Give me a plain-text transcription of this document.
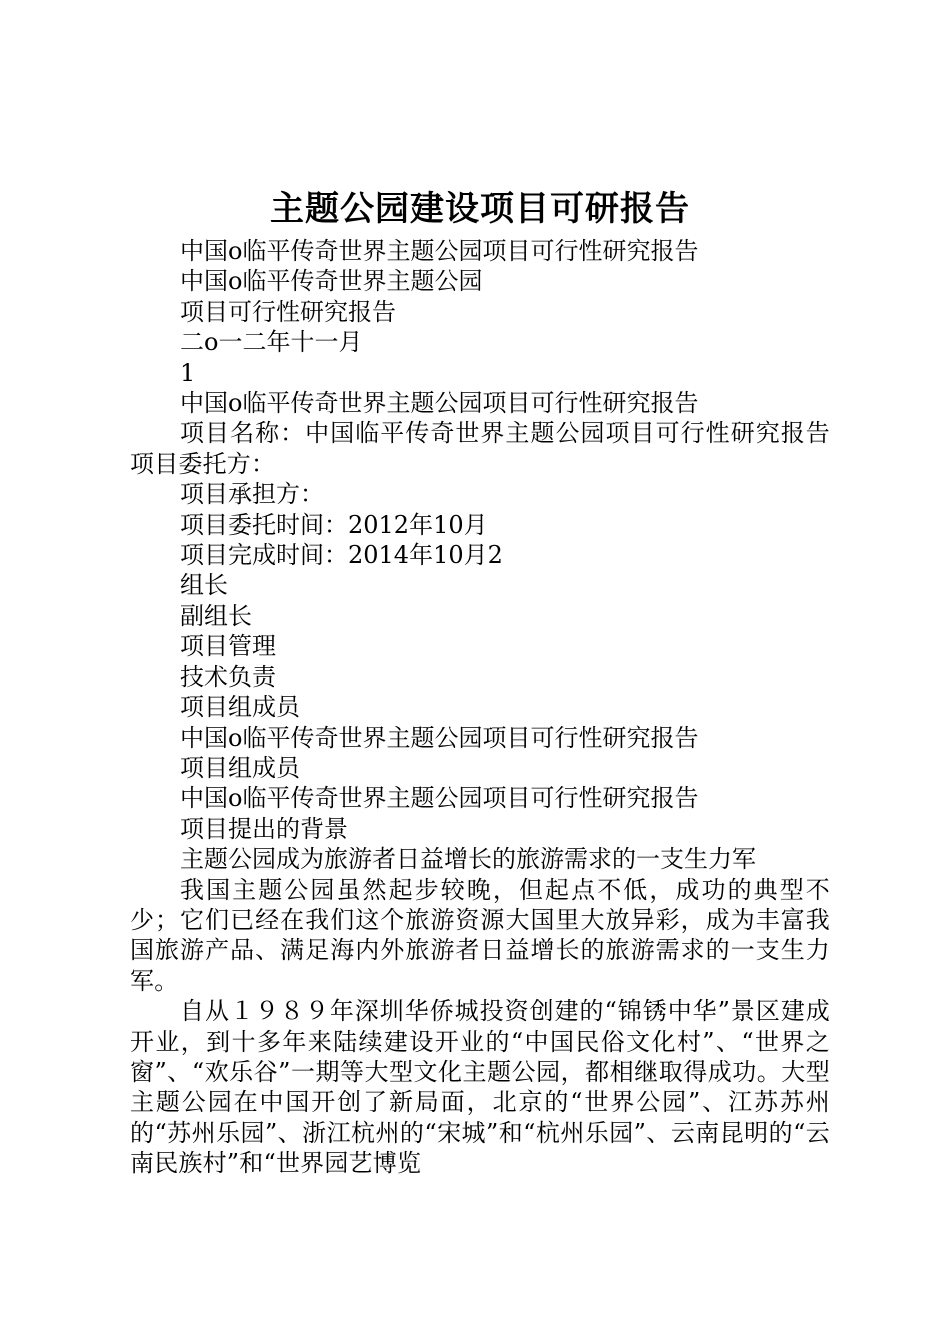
主题公园建设项目可研报告
中国o临平传奇世界主题公园项目可行性研究报告
中国o临平传奇世界主题公园
项目可行性研究报告
二o一二年十一月
1
中国o临平传奇世界主题公园项目可行性研究报告
项目名称：中国临平传奇世界主题公园项目可行性研究报告项目委托方：
项目承担方：
项目委托时间：2012年10月
项目完成时间：2014年10月2
组长
副组长
项目管理
技术负责
项目组成员
中国o临平传奇世界主题公园项目可行性研究报告
项目组成员
中国o临平传奇世界主题公园项目可行性研究报告
项目提出的背景
主题公园成为旅游者日益增长的旅游需求的一支生力军
我国主题公园虽然起步较晚，但起点不低，成功的典型不少；它们已经在我们这个旅游资源大国里大放异彩，成为丰富我国旅游产品、满足海内外旅游者日益增长的旅游需求的一支生力军。
自从１９８９年深圳华侨城投资创建的“锦锈中华”景区建成开业，到十多年来陆续建设开业的“中国民俗文化村”、“世界之窗”、“欢乐谷”一期等大型文化主题公园，都相继取得成功。大型主题公园在中国开创了新局面，北京的“世界公园”、江苏苏州的“苏州乐园”、浙江杭州的“宋城”和“杭州乐园”、云南昆明的“云南民族村”和“世界园艺博览
